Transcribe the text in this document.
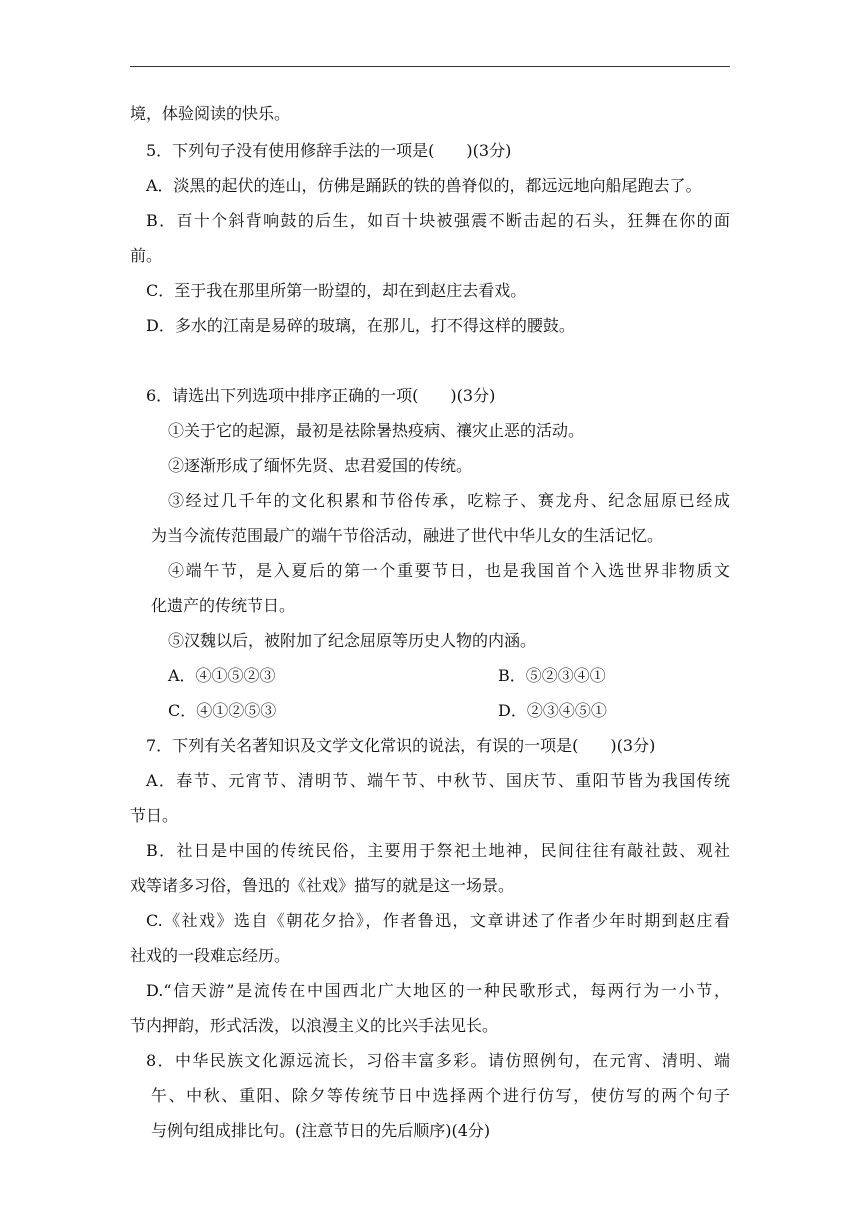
境，体验阅读的快乐。
5．下列句子没有使用修辞手法的一项是(　　)(3分)
A．淡黑的起伏的连山，仿佛是踊跃的铁的兽脊似的，都远远地向船尾跑去了。
B．百十个斜背响鼓的后生，如百十块被强震不断击起的石头，狂舞在你的面
前。
C．至于我在那里所第一盼望的，却在到赵庄去看戏。
D．多水的江南是易碎的玻璃，在那儿，打不得这样的腰鼓。
6．请选出下列选项中排序正确的一项(　　)(3分)
①关于它的起源，最初是祛除暑热疫病、禳灾止恶的活动。
②逐渐形成了缅怀先贤、忠君爱国的传统。
③经过几千年的文化积累和节俗传承，吃粽子、赛龙舟、纪念屈原已经成
为当今流传范围最广的端午节俗活动，融进了世代中华儿女的生活记忆。
④端午节，是入夏后的第一个重要节日，也是我国首个入选世界非物质文
化遗产的传统节日。
⑤汉魏以后，被附加了纪念屈原等历史人物的内涵。
A．④①⑤②③	B．⑤②③④①
C．④①②⑤③	D．②③④⑤①
7．下列有关名著知识及文学文化常识的说法，有误的一项是(　　)(3分)
A．春节、元宵节、清明节、端午节、中秋节、国庆节、重阳节皆为我国传统
节日。
B．社日是中国的传统民俗，主要用于祭祀土地神，民间往往有敲社鼓、观社
戏等诸多习俗，鲁迅的《社戏》描写的就是这一场景。
C.《社戏》选自《朝花夕拾》，作者鲁迅，文章讲述了作者少年时期到赵庄看
社戏的一段难忘经历。
D.“信天游”是流传在中国西北广大地区的一种民歌形式，每两行为一小节，
节内押韵，形式活泼，以浪漫主义的比兴手法见长。
8．中华民族文化源远流长，习俗丰富多彩。请仿照例句，在元宵、清明、端
午、中秋、重阳、除夕等传统节日中选择两个进行仿写，使仿写的两个句子
与例句组成排比句。(注意节日的先后顺序)(4分)
